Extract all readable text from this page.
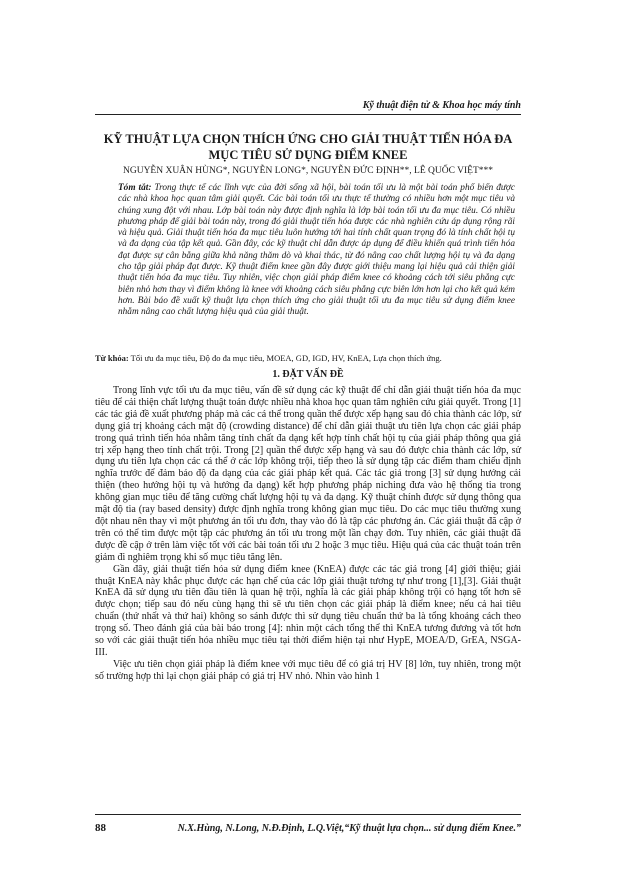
Kỹ thuật điện tử & Khoa học máy tính
KỸ THUẬT LỰA CHỌN THÍCH ỨNG CHO GIẢI THUẬT TIẾN HÓA ĐA MỤC TIÊU SỬ DỤNG ĐIỂM KNEE
NGUYỄN XUÂN HÙNG*, NGUYỄN LONG*, NGUYỄN ĐỨC ĐỊNH**, LÊ QUỐC VIỆT***
Tóm tắt: Trong thực tế các lĩnh vực của đời sống xã hội, bài toán tối ưu là một bài toán phổ biến được các nhà khoa học quan tâm giải quyết. Các bài toán tối ưu thực tế thường có nhiều hơn một mục tiêu và chúng xung đột với nhau. Lớp bài toán này được định nghĩa là lớp bài toán tối ưu đa mục tiêu. Có nhiều phương pháp để giải bài toán này, trong đó giải thuật tiến hóa được các nhà nghiên cứu áp dụng rộng rãi và hiệu quả. Giải thuật tiến hóa đa mục tiêu luôn hướng tới hai tính chất quan trọng đó là tính chất hội tụ và đa dạng của tập kết quả. Gần đây, các kỹ thuật chỉ dẫn được áp dụng để điều khiển quá trình tiến hóa đạt được sự cân bằng giữa khả năng thăm dò và khai thác, từ đó nâng cao chất lượng hội tụ và đa dạng cho tập giải pháp đạt được. Kỹ thuật điểm knee gần đây được giới thiệu mang lại hiệu quả cải thiện giải thuật tiến hóa đa mục tiêu. Tuy nhiên, việc chọn giải pháp điểm knee có khoảng cách tới siêu phẳng cực biên nhỏ hơn thay vì điểm không là knee với khoảng cách siêu phẳng cực biên lớn hơn lại cho kết quả kém hơn. Bài báo đề xuất kỹ thuật lựa chọn thích ứng cho giải thuật tối ưu đa mục tiêu sử dụng điểm knee nhằm nâng cao chất lượng hiệu quả của giải thuật.
Từ khóa: Tối ưu đa mục tiêu, Độ đo đa mục tiêu, MOEA, GD, IGD, HV, KnEA, Lựa chọn thích ứng.
1. ĐẶT VẤN ĐỀ

Trong lĩnh vực tối ưu đa mục tiêu, vấn đề sử dụng các kỹ thuật để chỉ dẫn giải thuật tiến hóa đa mục tiêu để cải thiện chất lượng thuật toán được nhiều nhà khoa học quan tâm nghiên cứu giải quyết. Trong [1] các tác giả đề xuất phương pháp mà các cá thể trong quần thể được xếp hạng sau đó chia thành các lớp, sử dụng giá trị khoảng cách mật độ (crowding distance) để chỉ dẫn giải thuật ưu tiên lựa chọn các giải pháp trong quá trình tiến hóa nhằm tăng tính chất đa dạng kết hợp tính chất hội tụ của giải pháp thông qua giá trị xếp hạng theo tính chất trội. Trong [2] quần thể được xếp hạng và sau đó được chia thành các lớp, sử dụng ưu tiên lựa chọn các cá thể ở các lớp không trội, tiếp theo là sử dụng tập các điểm tham chiếu định nghĩa trước để đảm bảo độ đa dạng của các giải pháp kết quả. Các tác giả trong [3] sử dụng hướng cải thiện (theo hướng hội tụ và hướng đa dạng) kết hợp phương pháp niching đưa vào hệ thống tia trong không gian mục tiêu để tăng cường chất lượng hội tụ và đa dạng. Kỹ thuật chính được sử dụng thông qua mật độ tia (ray based density) được định nghĩa trong không gian mục tiêu. Do các mục tiêu thường xung đột nhau nên thay vì một phương án tối ưu đơn, thay vào đó là tập các phương án. Các giải thuật đã cập ở trên có thể tìm được một tập các phương án tối ưu trong một lần chạy đơn. Tuy nhiên, các giải thuật đã được đề cập ở trên làm việc tốt với các bài toán tối ưu 2 hoặc 3 mục tiêu. Hiệu quả của các thuật toán trên giảm đi nghiêm trọng khi số mục tiêu tăng lên.

Gần đây, giải thuật tiến hóa sử dụng điểm knee (KnEA) được các tác giả trong [4] giới thiệu; giải thuật KnEA này khắc phục được các hạn chế của các lớp giải thuật tương tự như trong [1],[3]. Giải thuật KnEA đã sử dụng ưu tiên đầu tiên là quan hệ trội, nghĩa là các giải pháp không trội có hạng tốt hơn sẽ được chọn; tiếp sau đó nếu cùng hạng thì sẽ ưu tiên chọn các giải pháp là điểm knee; nếu cả hai tiêu chuẩn (thứ nhất và thứ hai) không so sánh được thì sử dụng tiêu chuẩn thứ ba là tổng khoảng cách theo trọng số. Theo đánh giá của bài báo trong [4]: nhìn một cách tổng thể thì KnEA tương đương và tốt hơn so với các giải thuật tiến hóa nhiều mục tiêu tại thời điểm hiện tại như HypE, MOEA/D, GrEA, NSGA-III.

Việc ưu tiên chọn giải pháp là điểm knee với mục tiêu để có giá trị HV [8] lớn, tuy nhiên, trong một số trường hợp thì lại chọn giải pháp có giá trị HV nhỏ. Nhìn vào hình 1

88	N.X.Hùng, N.Long, N.Đ.Định, L.Q.Việt,“Kỹ thuật lựa chọn... sử dụng điểm Knee.”
